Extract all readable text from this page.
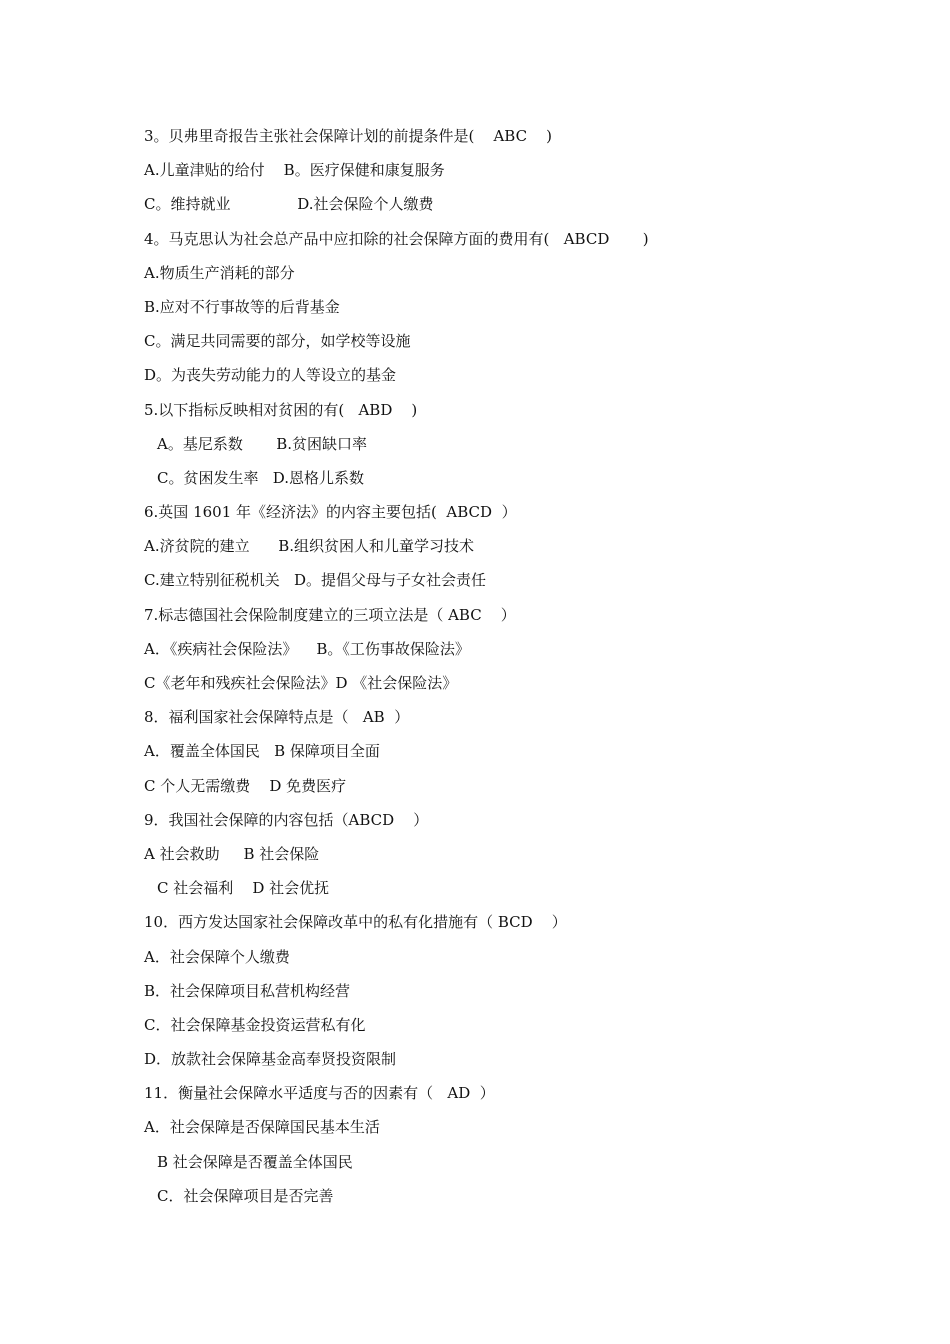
3。贝弗里奇报告主张社会保障计划的前提条件是(    ABC    )
A.儿童津贴的给付    B。医疗保健和康复服务
C。维持就业              D.社会保险个人缴费
4。马克思认为社会总产品中应扣除的社会保障方面的费用有(   ABCD       )
A.物质生产消耗的部分
B.应对不行事故等的后背基金
C。满足共同需要的部分，如学校等设施
D。为丧失劳动能力的人等设立的基金
5.以下指标反映相对贫困的有(   ABD    )
A。基尼系数       B.贫困缺口率
C。贫困发生率   D.恩格儿系数
6.英国 1601 年《经济法》的内容主要包括(  ABCD  ）
A.济贫院的建立      B.组织贫困人和儿童学习技术
C.建立特别征税机关   D。提倡父母与子女社会责任
7.标志德国社会保险制度建立的三项立法是（ ABC    ）
A．《疾病社会保险法》    B。《工伤事故保险法》
C《老年和残疾社会保险法》D 《社会保险法》
8．福利国家社会保障特点是（   AB  ）
A．覆盖全体国民   B 保障项目全面
C 个人无需缴费    D 免费医疗
9．我国社会保障的内容包括（ABCD    ）
A 社会救助     B 社会保险
C 社会福利    D 社会优抚
10．西方发达国家社会保障改革中的私有化措施有（ BCD    ）
A．社会保障个人缴费
B．社会保障项目私营机构经营
C．社会保障基金投资运营私有化
D．放款社会保障基金高奉贤投资限制
11．衡量社会保障水平适度与否的因素有（   AD  ）
A．社会保障是否保障国民基本生活
B 社会保障是否覆盖全体国民
C．社会保障项目是否完善
